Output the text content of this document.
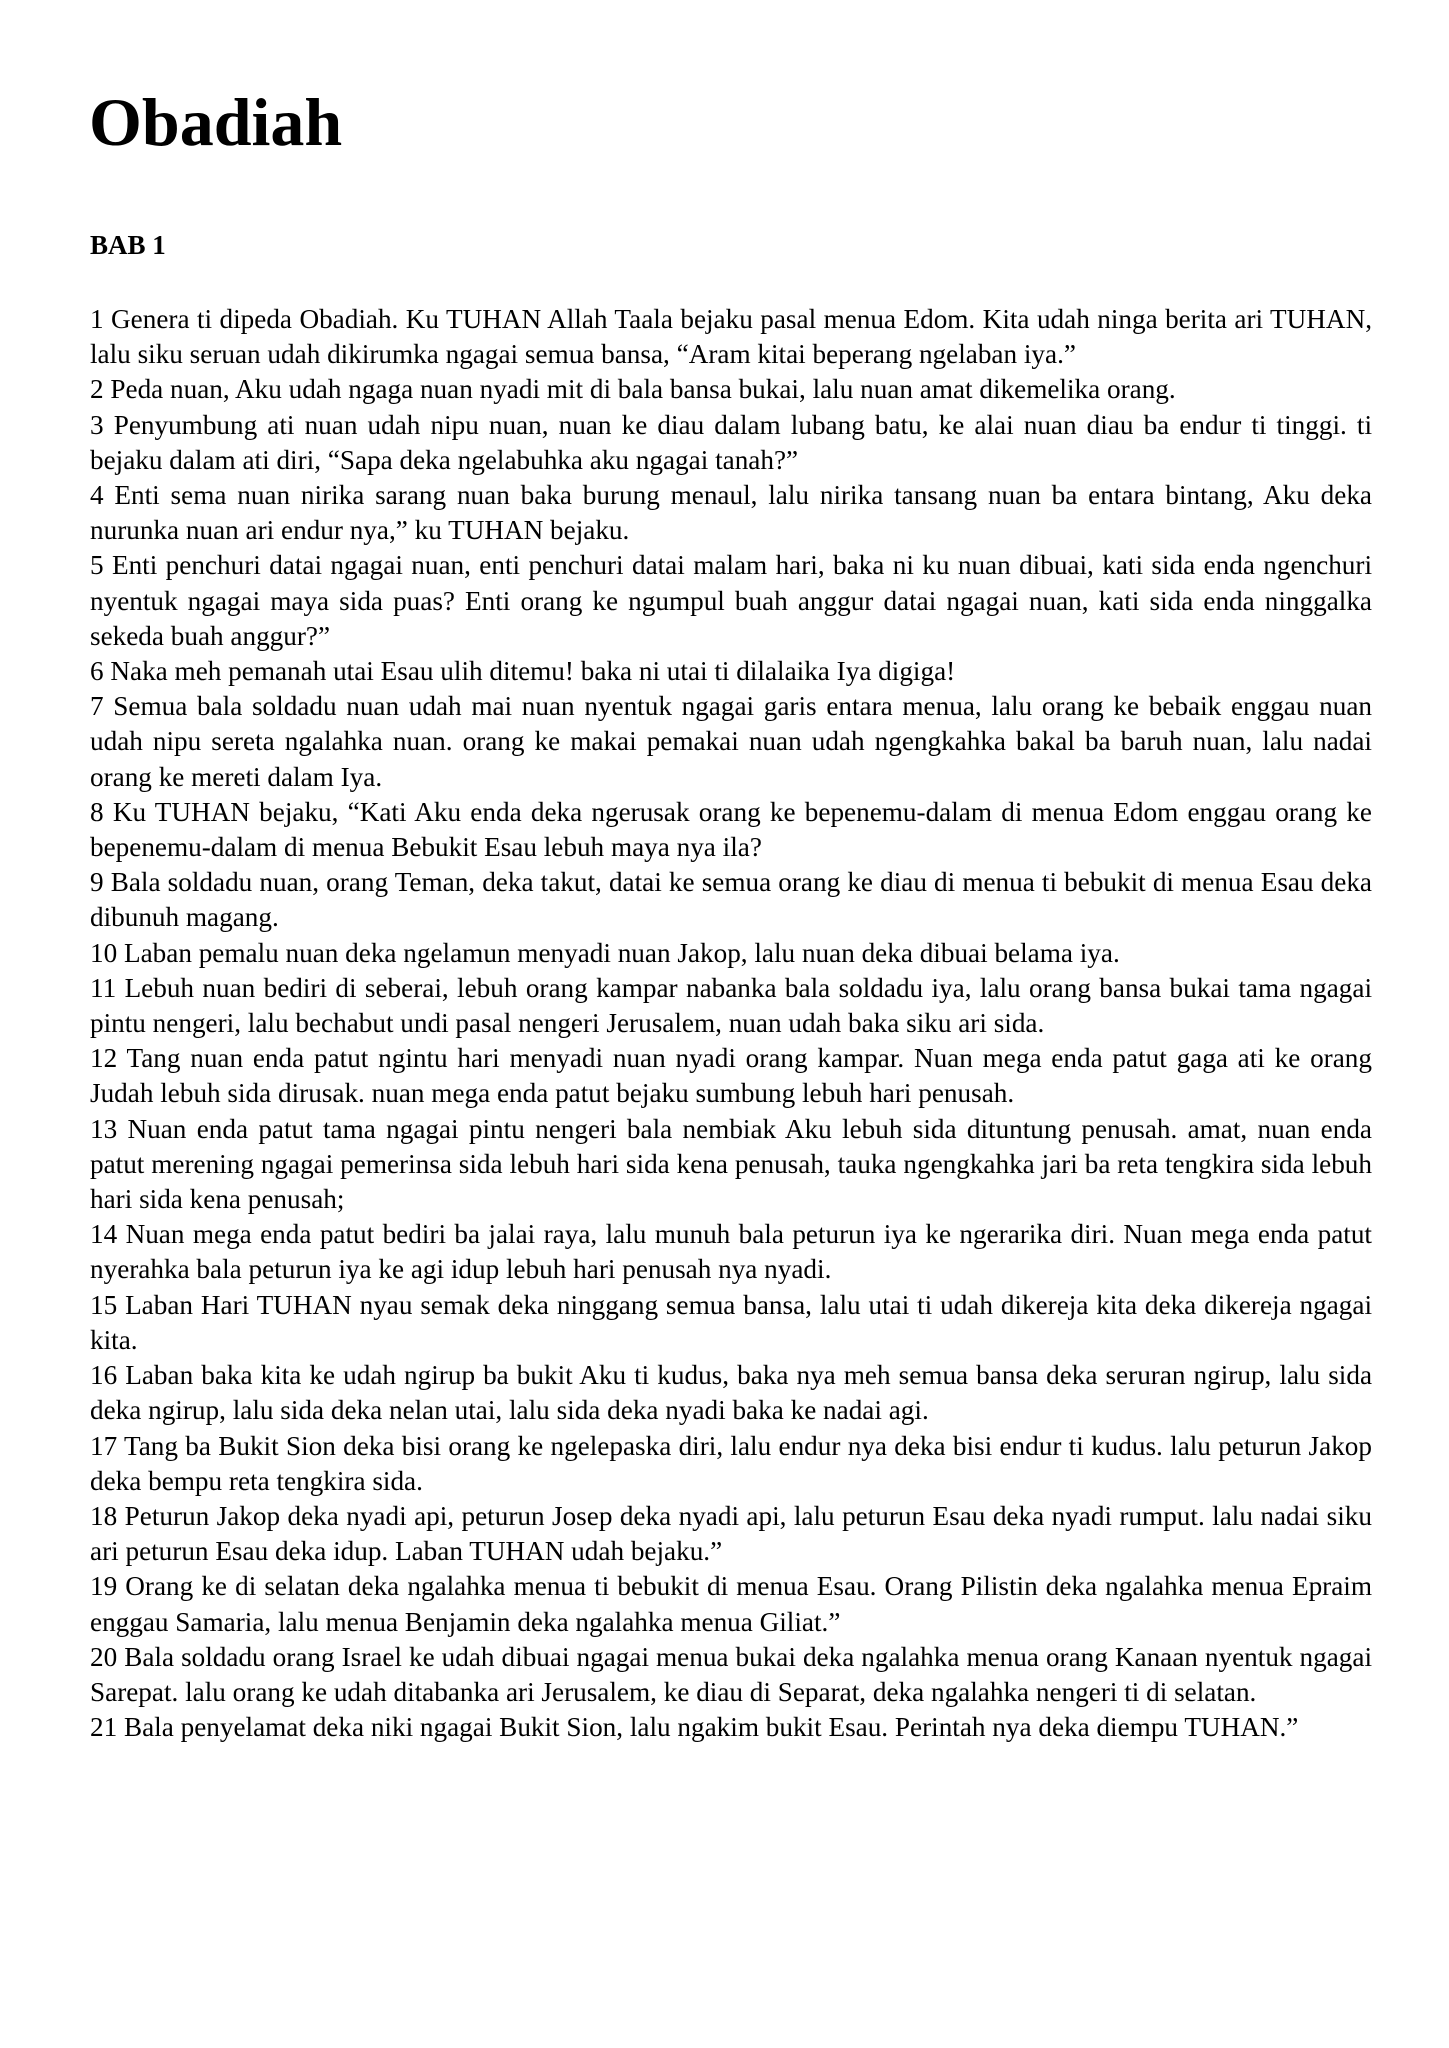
Obadiah
BAB 1

1 Genera ti dipeda Obadiah. Ku TUHAN Allah Taala bejaku pasal menua Edom. Kita udah ninga berita ari TUHAN, lalu siku seruan udah dikirumka ngagai semua bansa, “Aram kitai beperang ngelaban iya.”

2 Peda nuan, Aku udah ngaga nuan nyadi mit di bala bansa bukai, lalu nuan amat dikemelika orang.

3 Penyumbung ati nuan udah nipu nuan, nuan ke diau dalam lubang batu, ke alai nuan diau ba endur ti tinggi. ti bejaku dalam ati diri, “Sapa deka ngelabuhka aku ngagai tanah?”

4 Enti sema nuan nirika sarang nuan baka burung menaul, lalu nirika tansang nuan ba entara bintang, Aku deka nurunka nuan ari endur nya,” ku TUHAN bejaku.

5 Enti penchuri datai ngagai nuan, enti penchuri datai malam hari, baka ni ku nuan dibuai, kati sida enda ngenchuri nyentuk ngagai maya sida puas? Enti orang ke ngumpul buah anggur datai ngagai nuan, kati sida enda ninggalka sekeda buah anggur?”

6 Naka meh pemanah utai Esau ulih ditemu! baka ni utai ti dilalaika Iya digiga!

7 Semua bala soldadu nuan udah mai nuan nyentuk ngagai garis entara menua, lalu orang ke bebaik enggau nuan udah nipu sereta ngalahka nuan. orang ke makai pemakai nuan udah ngengkahka bakal ba baruh nuan, lalu nadai orang ke mereti dalam Iya.

8 Ku TUHAN bejaku, “Kati Aku enda deka ngerusak orang ke bepenemu-dalam di menua Edom enggau orang ke bepenemu-dalam di menua Bebukit Esau lebuh maya nya ila?

9 Bala soldadu nuan, orang Teman, deka takut, datai ke semua orang ke diau di menua ti bebukit di menua Esau deka dibunuh magang.

10 Laban pemalu nuan deka ngelamun menyadi nuan Jakop, lalu nuan deka dibuai belama iya.

11 Lebuh nuan bediri di seberai, lebuh orang kampar nabanka bala soldadu iya, lalu orang bansa bukai tama ngagai pintu nengeri, lalu bechabut undi pasal nengeri Jerusalem, nuan udah baka siku ari sida.

12 Tang nuan enda patut ngintu hari menyadi nuan nyadi orang kampar. Nuan mega enda patut gaga ati ke orang Judah lebuh sida dirusak. nuan mega enda patut bejaku sumbung lebuh hari penusah.

13 Nuan enda patut tama ngagai pintu nengeri bala nembiak Aku lebuh sida dituntung penusah. amat, nuan enda patut merening ngagai pemerinsa sida lebuh hari sida kena penusah, tauka ngengkahka jari ba reta tengkira sida lebuh hari sida kena penusah;

14 Nuan mega enda patut bediri ba jalai raya, lalu munuh bala peturun iya ke ngerarika diri. Nuan mega enda patut nyerahka bala peturun iya ke agi idup lebuh hari penusah nya nyadi.

15 Laban Hari TUHAN nyau semak deka ninggang semua bansa, lalu utai ti udah dikereja kita deka dikereja ngagai kita.

16 Laban baka kita ke udah ngirup ba bukit Aku ti kudus, baka nya meh semua bansa deka seruran ngirup, lalu sida deka ngirup, lalu sida deka nelan utai, lalu sida deka nyadi baka ke nadai agi.

17 Tang ba Bukit Sion deka bisi orang ke ngelepaska diri, lalu endur nya deka bisi endur ti kudus. lalu peturun Jakop deka bempu reta tengkira sida.

18 Peturun Jakop deka nyadi api, peturun Josep deka nyadi api, lalu peturun Esau deka nyadi rumput. lalu nadai siku ari peturun Esau deka idup. Laban TUHAN udah bejaku.”

19 Orang ke di selatan deka ngalahka menua ti bebukit di menua Esau. Orang Pilistin deka ngalahka menua Epraim enggau Samaria, lalu menua Benjamin deka ngalahka menua Giliat.”

20 Bala soldadu orang Israel ke udah dibuai ngagai menua bukai deka ngalahka menua orang Kanaan nyentuk ngagai Sarepat. lalu orang ke udah ditabanka ari Jerusalem, ke diau di Separat, deka ngalahka nengeri ti di selatan.

21 Bala penyelamat deka niki ngagai Bukit Sion, lalu ngakim bukit Esau. Perintah nya deka diempu TUHAN.”
